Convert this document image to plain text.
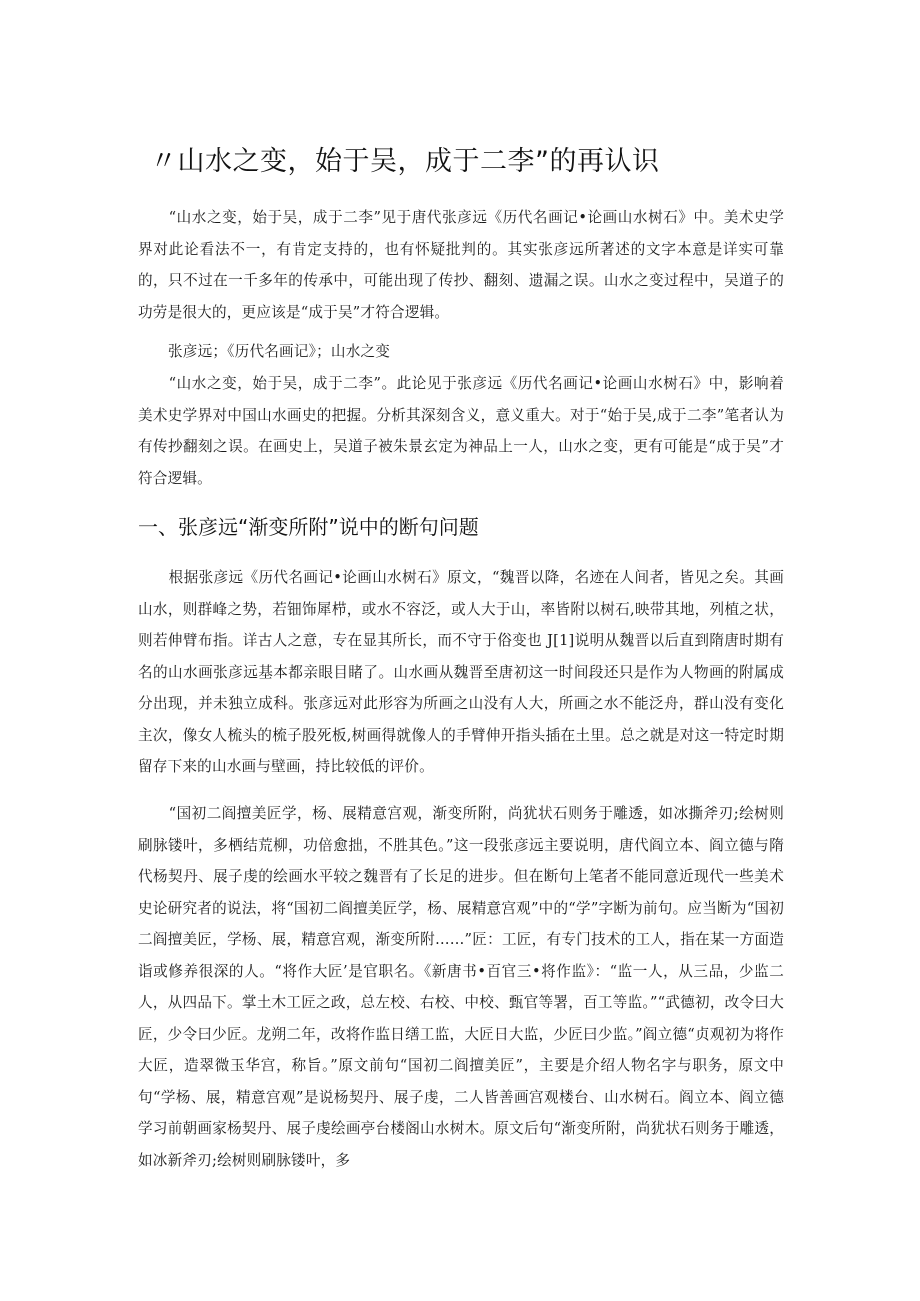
〃山水之变，始于吴，成于二李”的再认识

“山水之变，始于吴，成于二李”见于唐代张彦远《历代名画记•论画山水树石》中。美术史学界对此论看法不一，有肯定支持的，也有怀疑批判的。其实张彦远所著述的文字本意是详实可靠的，只不过在一千多年的传承中，可能出现了传抄、翻刻、遗漏之误。山水之变过程中，吴道子的功劳是很大的，更应该是“成于吴”才符合逻辑。

张彦远；《历代名画记》；山水之变

“山水之变，始于吴，成于二李”。此论见于张彦远《历代名画记•论画山水树石》中，影响着美术史学界对中国山水画史的把握。分析其深刻含义，意义重大。对于“始于吴,成于二李”笔者认为有传抄翻刻之误。在画史上，吴道子被朱景玄定为神品上一人，山水之变，更有可能是“成于吴”才符合逻辑。

一、张彦远“渐变所附”说中的断句问题

根据张彦远《历代名画记•论画山水树石》原文，“魏晋以降，名迹在人间者，皆见之矣。其画山水，则群峰之势，若钿饰犀栉，或水不容泛，或人大于山，率皆附以树石,映带其地，列植之状，则若伸臂布指。详古人之意，专在显其所长，而不守于俗变也 J[1]说明从魏晋以后直到隋唐时期有名的山水画张彦远基本都亲眼目睹了。山水画从魏晋至唐初这一时间段还只是作为人物画的附属成分出现，并未独立成科。张彦远对此形容为所画之山没有人大，所画之水不能泛舟，群山没有变化主次，像女人梳头的梳子股死板,树画得就像人的手臂伸开指头插在土里。总之就是对这一特定时期留存下来的山水画与壁画，持比较低的评价。

“国初二阎擅美匠学，杨、展精意宫观，渐变所附，尚犹状石则务于雕透，如冰撕斧刃;绘树则刷脉镂叶，多栖结荒柳，功倍愈拙，不胜其色。”这一段张彦远主要说明，唐代阎立本、阎立德与隋代杨契丹、展子虔的绘画水平较之魏晋有了长足的进步。但在断句上笔者不能同意近现代一些美术史论研究者的说法，将“国初二阎擅美匠学，杨、展精意宫观”中的“学”字断为前句。应当断为“国初二阎擅美匠，学杨、展，精意宫观，渐变所附……”匠：工匠，有专门技术的工人，指在某一方面造诣或修养很深的人。“将作大匠’是官职名。《新唐书•百官三•将作监》：“监一人，从三品，少监二人，从四品下。掌土木工匠之政，总左校、右校、中校、甄官等署，百工等监。”“武德初，改令曰大匠，少令曰少匠。龙朔二年，改将作监日缮工监，大匠日大监，少匠曰少监。”阎立德“贞观初为将作大匠，造翠微玉华宫，称旨。”原文前句“国初二阎擅美匠”，主要是介绍人物名字与职务，原文中句“学杨、展，精意宫观”是说杨契丹、展子虔，二人皆善画宫观楼台、山水树石。阎立本、阎立德学习前朝画家杨契丹、展子虔绘画亭台楼阁山水树木。原文后句“渐变所附，尚犹状石则务于雕透，如冰新斧刃;绘树则刷脉镂叶，多
